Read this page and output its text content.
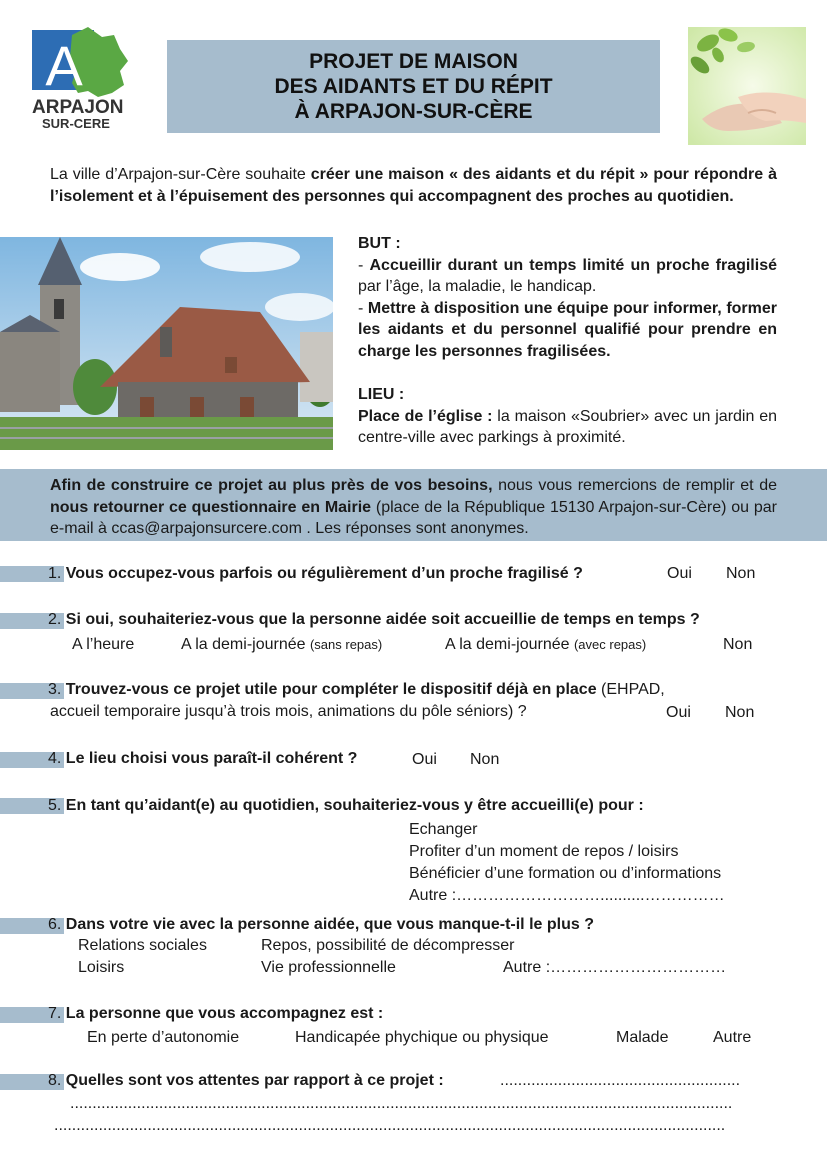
A
ARPAJON
SUR-CERE
PROJET DE MAISON
DES AIDANTS ET DU RÉPIT
À ARPAJON-SUR-CÈRE
La ville d’Arpajon-sur-Cère souhaite créer une maison « des aidants et du répit » pour répondre à l’isolement et à l’épuisement des personnes qui accompagnent des proches au quotidien.
BUT :
- Accueillir durant un temps limité un proche fragilisé par l’âge, la maladie, le handicap.
- Mettre à disposition une équipe pour informer, former les aidants et du personnel qualifié pour prendre en charge les personnes fragilisées.
LIEU :
Place de l’église : la maison «Soubrier» avec un jardin en centre-ville avec parkings à proximité.
Afin de construire ce projet au plus près de vos besoins, nous vous remercions de remplir et de nous retourner ce questionnaire en Mairie (place de la République 15130 Arpajon-sur-Cère) ou par e-mail à ccas@arpajonsurcere.com . Les réponses sont anonymes.
1. Vous occupez-vous parfois ou régulièrement d’un proche fragilisé ?	Oui Non
2. Si oui, souhaiteriez-vous que la personne aidée soit accueillie de temps en temps ?
A l’heure	A la demi-journée (sans repas)	A la demi-journée (avec repas)	Non
3. Trouvez-vous ce projet utile pour compléter le dispositif déjà en place (EHPAD,
accueil temporaire jusqu’à trois mois, animations du pôle séniors) ?	Oui Non
4. Le lieu choisi vous paraît-il cohérent ?	Oui Non
5. En tant qu’aidant(e) au quotidien, souhaiteriez-vous y être accueilli(e) pour :
Echanger
Profiter d’un moment de repos / loisirs
Bénéficier d’une formation ou d’informations
Autre :………………………..........……………
6. Dans votre vie avec la personne aidée, que vous manque-t-il le plus ?
Relations sociales	Repos, possibilité de décompresser
Loisirs	Vie professionnelle	Autre :……………………………
7. La personne que vous accompagnez est :
En perte d’autonomie	Handicapée phychique ou physique	Malade	Autre
8. Quelles sont vos attentes par rapport à ce projet :	......................................................
.....................................................................................................................................................
.......................................................................................................................................................
